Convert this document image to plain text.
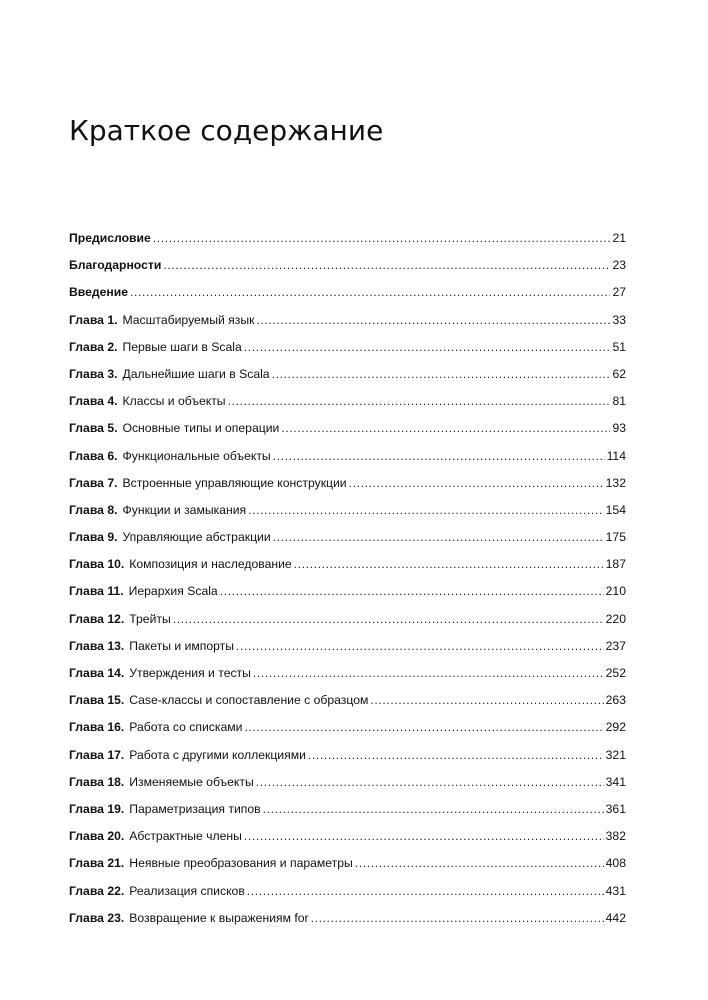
Краткое содержание
Предисловие .....	21
Благодарности .....	23
Введение .....	27
Глава 1. Масштабируемый язык .....	33
Глава 2. Первые шаги в Scala .....	51
Глава 3. Дальнейшие шаги в Scala .....	62
Глава 4. Классы и объекты .....	81
Глава 5. Основные типы и операции .....	93
Глава 6. Функциональные объекты .....	114
Глава 7. Встроенные управляющие конструкции .....	132
Глава 8. Функции и замыкания .....	154
Глава 9. Управляющие абстракции .....	175
Глава 10. Композиция и наследование .....	187
Глава 11. Иерархия Scala .....	210
Глава 12. Трейты .....	220
Глава 13. Пакеты и импорты .....	237
Глава 14. Утверждения и тесты .....	252
Глава 15. Case-классы и сопоставление с образцом .....	263
Глава 16. Работа со списками .....	292
Глава 17. Работа с другими коллекциями .....	321
Глава 18. Изменяемые объекты .....	341
Глава 19. Параметризация типов .....	361
Глава 20. Абстрактные члены .....	382
Глава 21. Неявные преобразования и параметры .....	408
Глава 22. Реализация списков .....	431
Глава 23. Возвращение к выражениям for .....	442
